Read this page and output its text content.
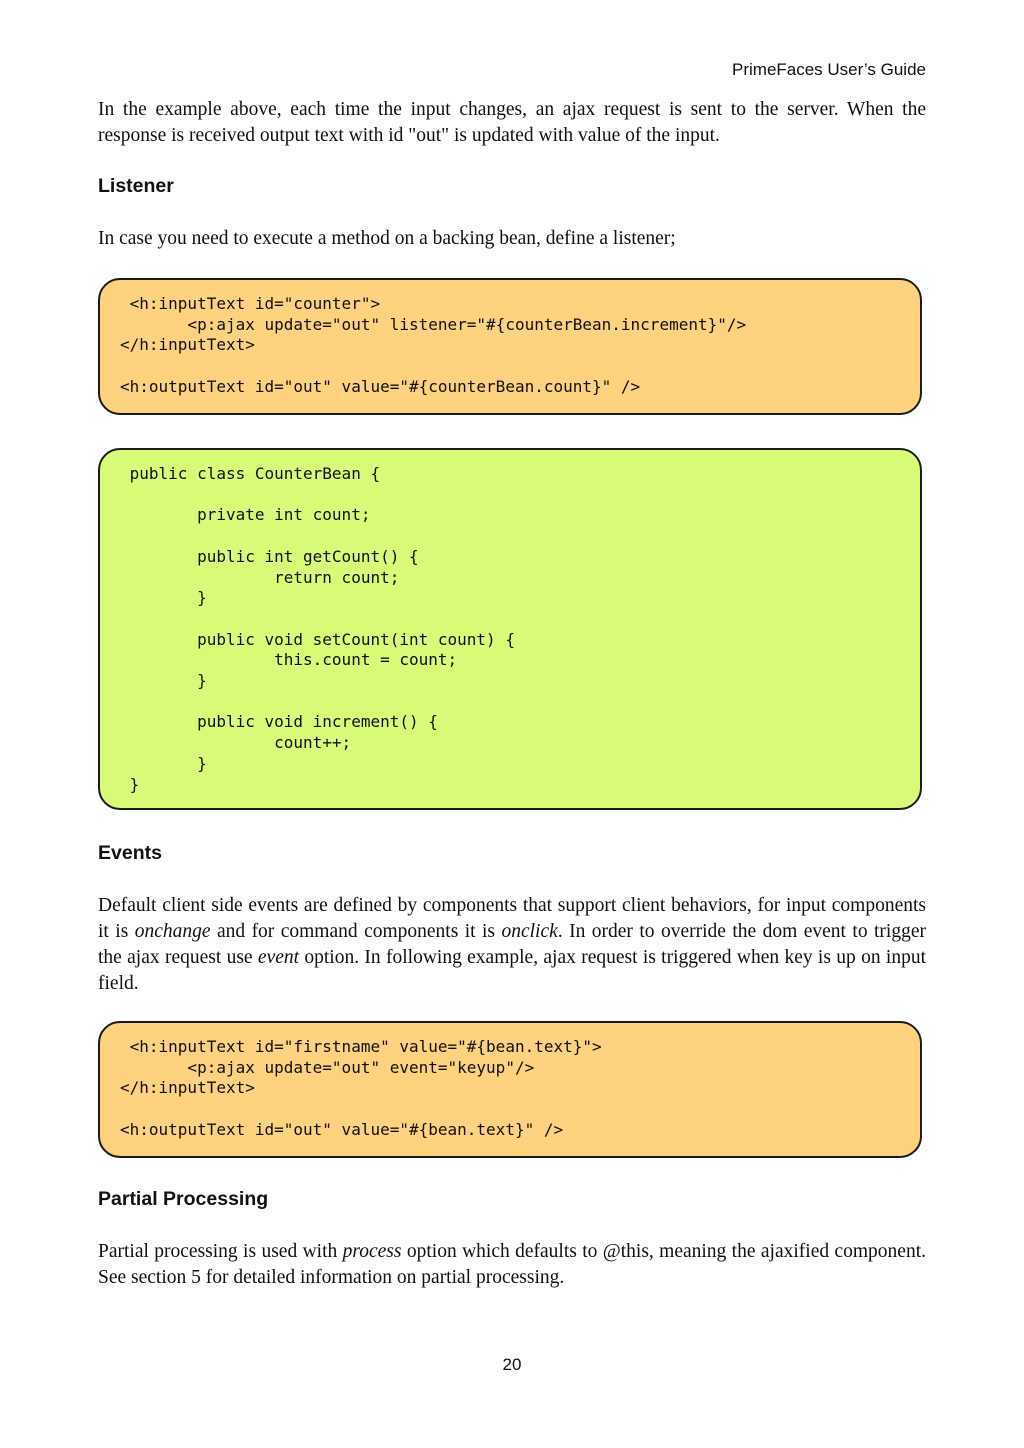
PrimeFaces User’s Guide

In the example above, each time the input changes, an ajax request is sent to the server. When the response is received output text with id "out" is updated with value of the input.

Listener

In case you need to execute a method on a backing bean, define a listener;

<h:inputText id="counter">
<p:ajax update="out" listener="#{counterBean.increment}"/>
</h:inputText>

<h:outputText id="out" value="#{counterBean.count}" />
public class CounterBean {

private int count;

public int getCount() {
return count;
}

public void setCount(int count) {
this.count = count;
}

public void increment() {
count++;
}
}
Events

Default client side events are defined by components that support client behaviors, for input components it is onchange and for command components it is onclick. In order to override the dom event to trigger the ajax request use event option. In following example, ajax request is triggered when key is up on input field.

<h:inputText id="firstname" value="#{bean.text}">
<p:ajax update="out" event="keyup"/>
</h:inputText>

<h:outputText id="out" value="#{bean.text}" />
Partial Processing

Partial processing is used with process option which defaults to @this, meaning the ajaxified component. See section 5 for detailed information on partial processing.

20
